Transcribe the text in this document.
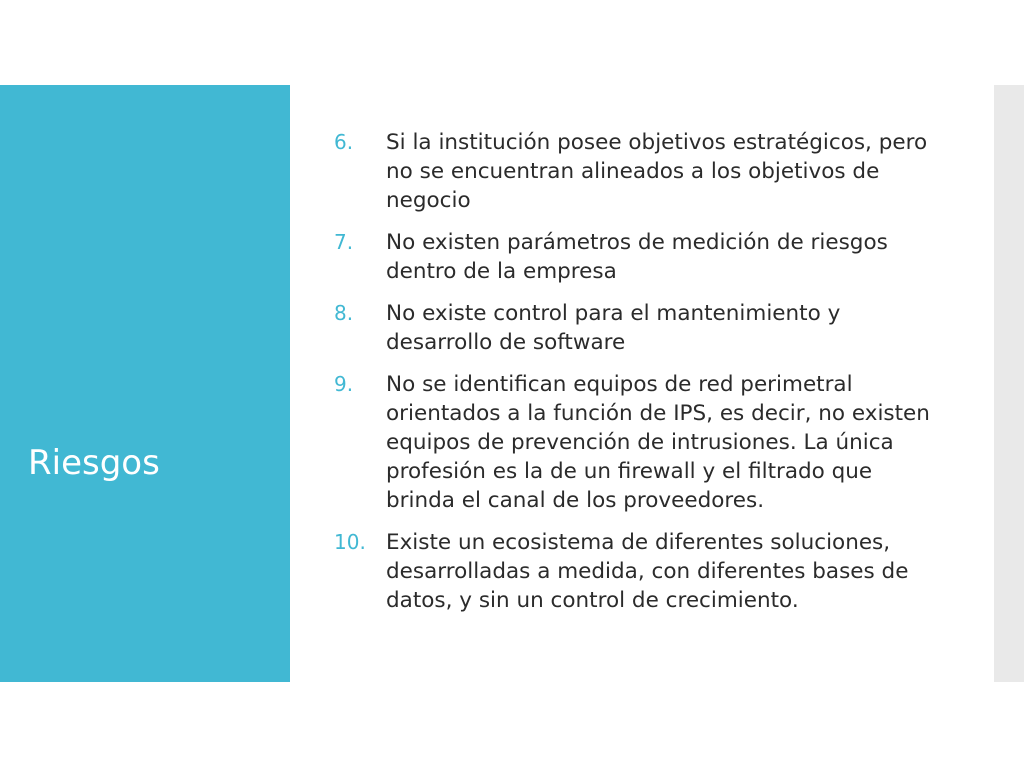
Riesgos
6. Si la institución posee objetivos estratégicos, pero no se encuentran alineados a los objetivos de negocio
7. No existen parámetros de medición de riesgos dentro de la empresa
8. No existe control para el mantenimiento y desarrollo de software
9. No se identifican equipos de red perimetral orientados a la función de IPS, es decir, no existen equipos de prevención de intrusiones. La única profesión es la de un firewall y el filtrado que brinda el canal de los proveedores.
10. Existe un ecosistema de diferentes soluciones, desarrolladas a medida, con diferentes bases de datos, y sin un control de crecimiento.
